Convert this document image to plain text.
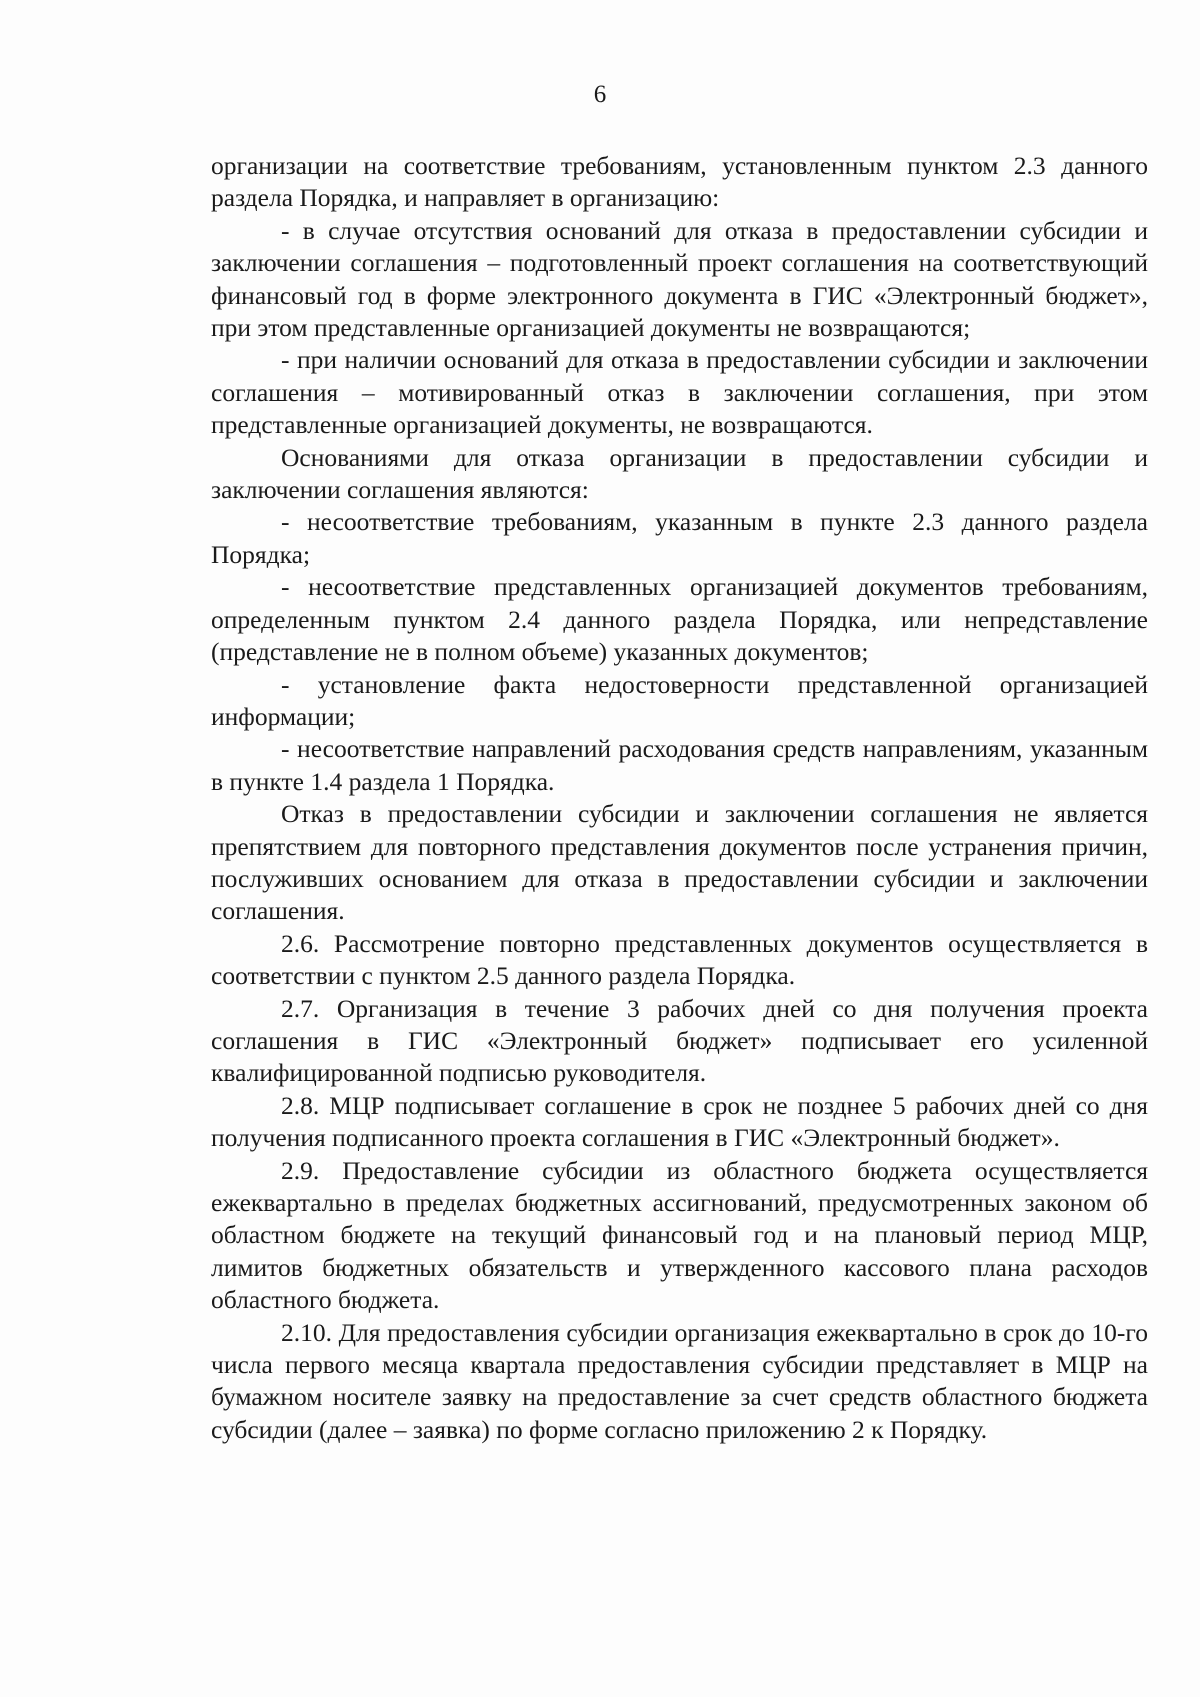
6

организации на соответствие требованиям, установленным пунктом 2.3 данного раздела Порядка, и направляет в организацию:

- в случае отсутствия оснований для отказа в предоставлении субсидии и заключении соглашения – подготовленный проект соглашения на соответствующий финансовый год в форме электронного документа в ГИС «Электронный бюджет», при этом представленные организацией документы не возвращаются;

- при наличии оснований для отказа в предоставлении субсидии и заключении соглашения – мотивированный отказ в заключении соглашения, при этом представленные организацией документы, не возвращаются.

Основаниями для отказа организации в предоставлении субсидии и заключении соглашения являются:

- несоответствие требованиям, указанным в пункте 2.3 данного раздела Порядка;

- несоответствие представленных организацией документов требованиям, определенным пунктом 2.4 данного раздела Порядка, или непредставление (представление не в полном объеме) указанных документов;

- установление факта недостоверности представленной организацией информации;

- несоответствие направлений расходования средств направлениям, указанным в пункте 1.4 раздела 1 Порядка.

Отказ в предоставлении субсидии и заключении соглашения не является препятствием для повторного представления документов после устранения причин, послуживших основанием для отказа в предоставлении субсидии и заключении соглашения.

2.6. Рассмотрение повторно представленных документов осуществляется в соответствии с пунктом 2.5 данного раздела Порядка.

2.7. Организация в течение 3 рабочих дней со дня получения проекта соглашения в ГИС «Электронный бюджет» подписывает его усиленной квалифицированной подписью руководителя.

2.8. МЦР подписывает соглашение в срок не позднее 5 рабочих дней со дня получения подписанного проекта соглашения в ГИС «Электронный бюджет».

2.9. Предоставление субсидии из областного бюджета осуществляется ежеквартально в пределах бюджетных ассигнований, предусмотренных законом об областном бюджете на текущий финансовый год и на плановый период МЦР, лимитов бюджетных обязательств и утвержденного кассового плана расходов областного бюджета.

2.10. Для предоставления субсидии организация ежеквартально в срок до 10-го числа первого месяца квартала предоставления субсидии представляет в МЦР на бумажном носителе заявку на предоставление за счет средств областного бюджета субсидии (далее – заявка) по форме согласно приложению 2 к Порядку.
